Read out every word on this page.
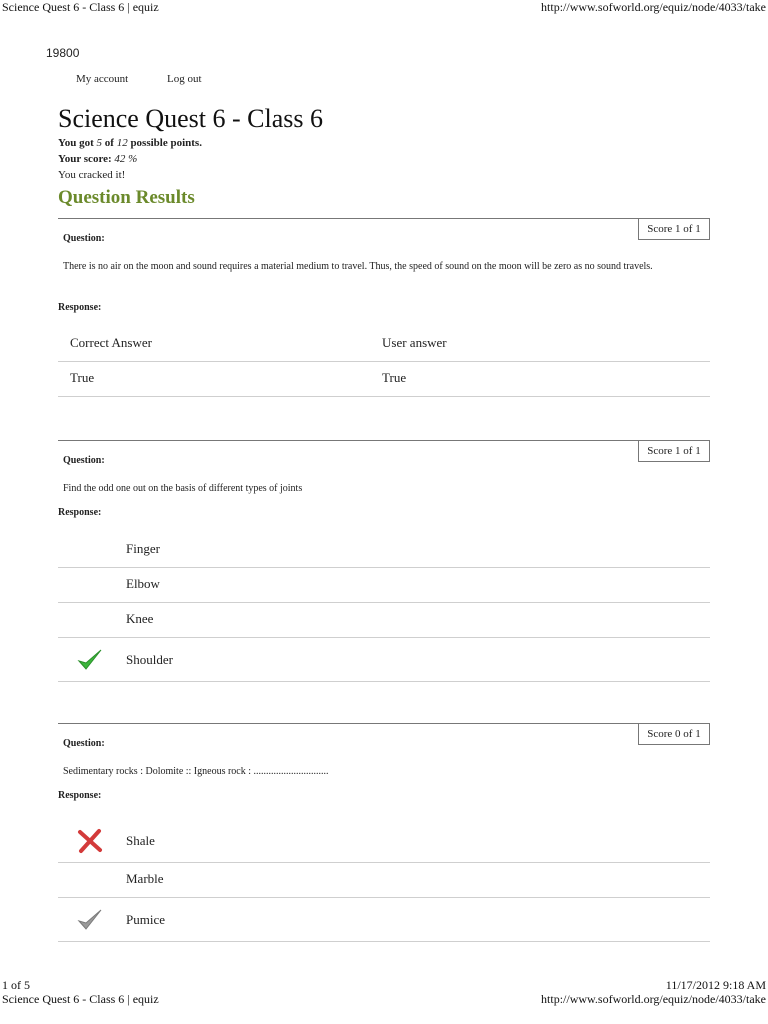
Science Quest 6 - Class 6 | equiz	http://www.sofworld.org/equiz/node/4033/take
19800
My account	Log out
Science Quest 6 - Class 6
You got 5 of 12 possible points.
Your score: 42 %
You cracked it!
Question Results
Score 1 of 1
Question:
There is no air on the moon and sound requires a material medium to travel. Thus, the speed of sound on the moon will be zero as no sound travels.
Response:
Correct Answer	User answer
True	True
Score 1 of 1
Question:
Find the odd one out on the basis of different types of joints
Response:
Finger
Elbow
Knee
Shoulder
Score 0 of 1
Question:
Sedimentary rocks : Dolomite :: Igneous rock : ..............................
Response:
Shale
Marble
Pumice
1 of 5	11/17/2012 9:18 AM
Science Quest 6 - Class 6 | equiz	http://www.sofworld.org/equiz/node/4033/take
